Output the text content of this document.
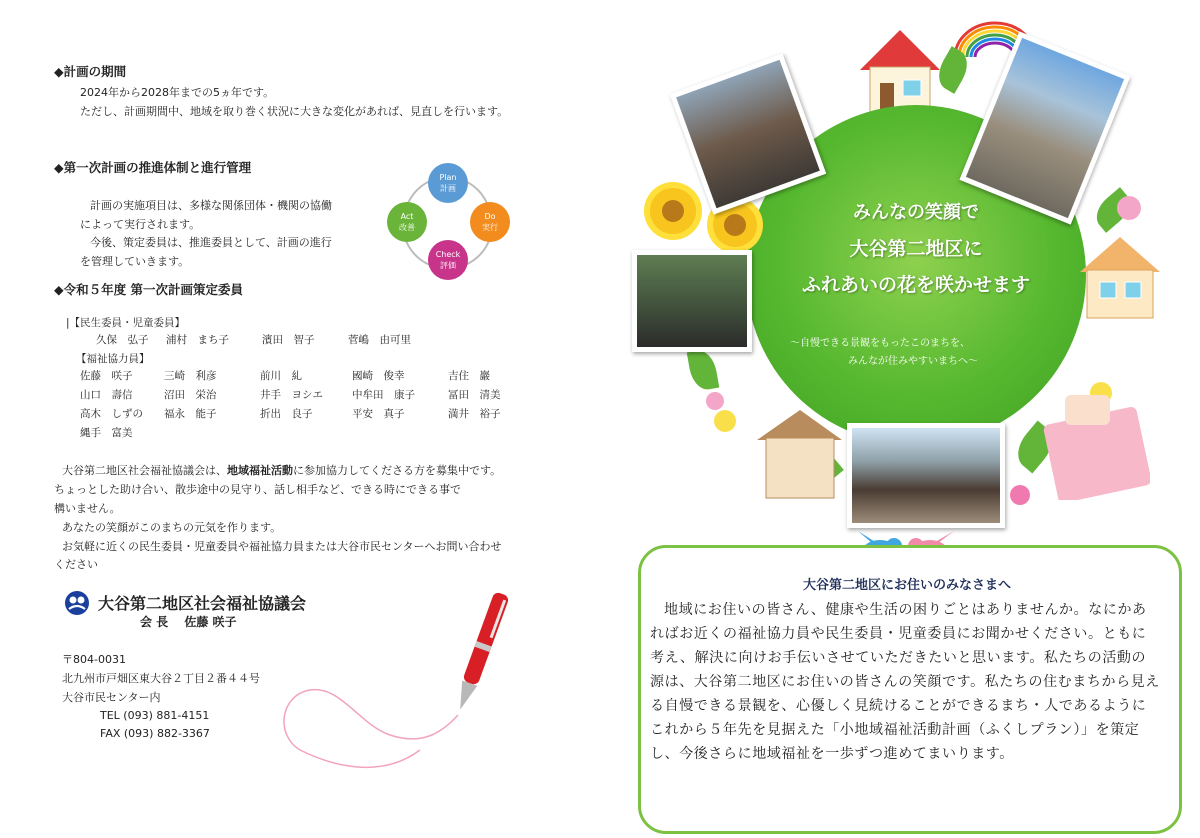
◆計画の期間
2024年から2028年までの5ヵ年です。
ただし、計画期間中、地域を取り巻く状況に大きな変化があれば、見直しを行います。
◆第一次計画の推進体制と進行管理
計画の実施項目は、多様な関係団体・機関の協働
によって実行されます。
今後、策定委員は、推進委員として、計画の進行
を管理していきます。
Plan
計画
Do
実行
Check
評価
Act
改善
◆令和５年度 第一次計画策定委員
|【民生委員・児童委員】
久保　弘子 浦村　まち子	濱田　智子	菅嶋　由可里
【福祉協力員】
佐藤　咲子	三崎　利彦	前川　糺	國崎　俊幸	吉住　巖
山口　壽信	沼田　栄治	井手　ヨシエ	中牟田　康子	冨田　清美
高木　しずの 福永　能子	折出　良子	平安　真子	満井　裕子
縄手　富美
大谷第二地区社会福祉協議会は、地域福祉活動に参加協力してくださる方を募集中です。
ちょっとした助け合い、散歩途中の見守り、話し相手など、できる時にできる事で
構いません。
あなたの笑顔がこのまちの元気を作ります。
お気軽に近くの民生委員・児童委員や福祉協力員または大谷市民センターへお問い合わせ
ください
大谷第二地区社会福祉協議会
会 長　 佐藤 咲子
〒804-0031
北九州市戸畑区東大谷２丁目２番４４号
大谷市民センター内
TEL (093) 881-4151
FAX (093) 882-3367
みんなの笑顔で
大谷第二地区に
ふれあいの花を咲かせます
～自慢できる景観をもったこのまちを、
みんなが住みやすいまちへ～
大谷第二地区にお住いのみなさまへ
地域にお住いの皆さん、健康や生活の困りごとはありませんか。なにかあればお近くの福祉協力員や民生委員・児童委員にお聞かせください。ともに考え、解決に向けお手伝いさせていただきたいと思います。私たちの活動の源は、大谷第二地区にお住いの皆さんの笑顔です。私たちの住むまちから見える自慢できる景観を、心優しく見続けることができるまち・人であるようにこれから５年先を見据えた「小地域福祉活動計画（ふくしプラン）」を策定し、今後さらに地域福祉を一歩ずつ進めてまいります。
